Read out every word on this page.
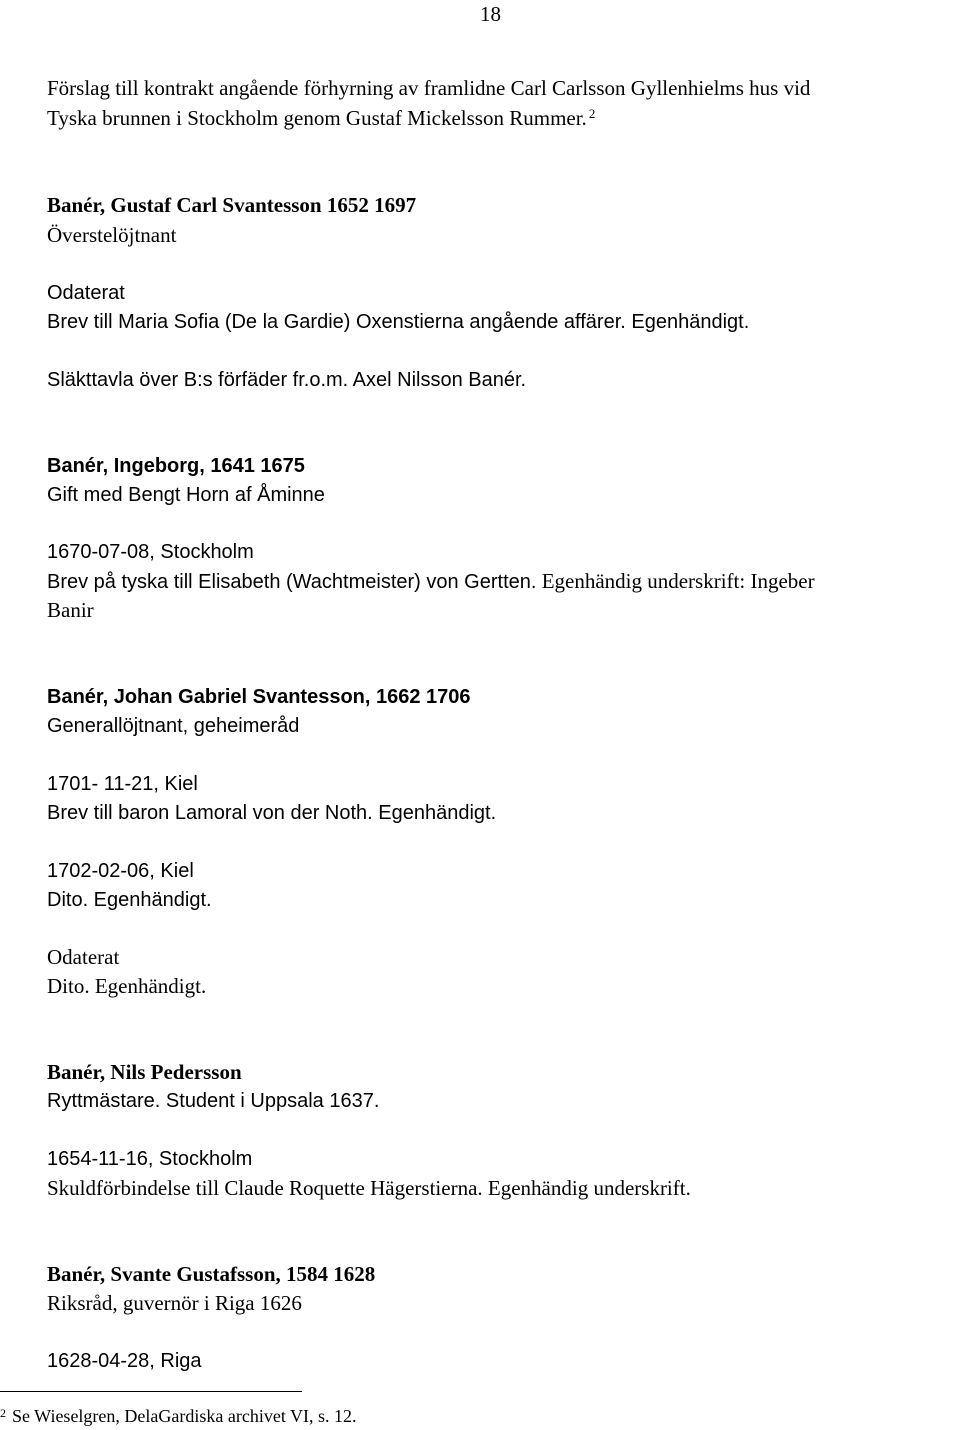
18
Förslag till kontrakt angående förhyrning av framlidne Carl Carlsson Gyllenhielms hus vid
Tyska brunnen i Stockholm genom Gustaf Mickelsson Rummer. $^2$
Banér, Gustaf Carl Svantesson 1652 1697
Överstelöjtnant
Odaterat
Brev till Maria Sofia (De la Gardie) Oxenstierna angående affärer. Egenhändigt.
Släkttavla över B:s förfäder fr.o.m. Axel Nilsson Banér.
Banér, Ingeborg, 1641 1675
Gift med Bengt Horn af Åminne
1670-07-08, Stockholm
Brev på tyska till Elisabeth (Wachtmeister) von Gertten. Egenhändig underskrift: Ingeber
Banir
Banér, Johan Gabriel Svantesson, 1662 1706
Generallöjtnant, geheimeråd
1701- 11-21, Kiel
Brev till baron Lamoral von der Noth. Egenhändigt.
1702-02-06, Kiel
Dito. Egenhändigt.
Odaterat
Dito. Egenhändigt.
Banér, Nils Pedersson
Ryttmästare. Student i Uppsala 1637.
1654-11-16, Stockholm
Skuldförbindelse till Claude Roquette Hägerstierna. Egenhändig underskrift.
Banér, Svante Gustafsson, 1584 1628
Riksråd, guvernör i Riga 1626
1628-04-28, Riga
$^2$ Se Wieselgren, DelaGardiska archivet VI, s. 12.
